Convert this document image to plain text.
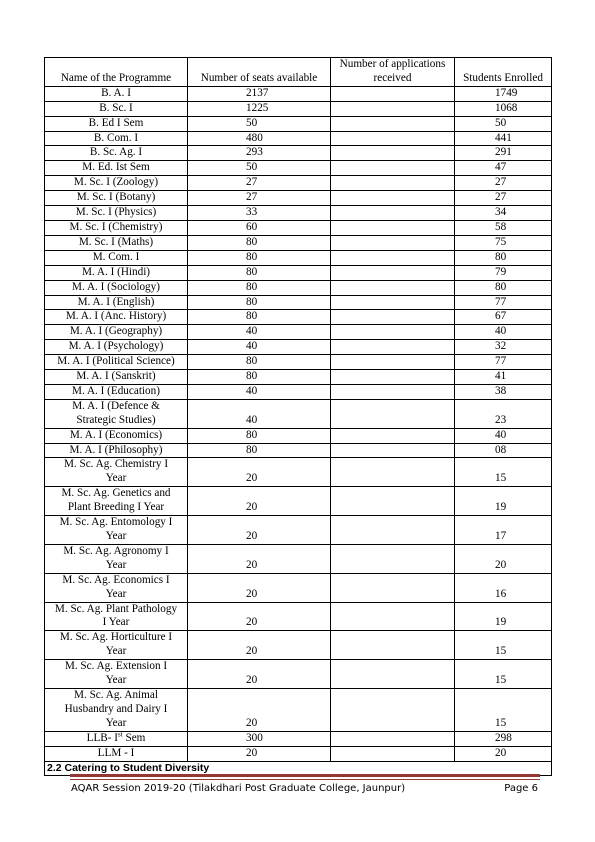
Name of the Programme	Number of seats available	Number of applications received	Students Enrolled
B. A. I	2137		1749
B. Sc. I	1225		1068
B. Ed I Sem	50		50
B. Com. I	480		441
B. Sc. Ag. I	293		291
M. Ed. Ist Sem	50		47
M. Sc. I (Zoology)	27		27
M. Sc. I (Botany)	27		27
M. Sc. I (Physics)	33		34
M. Sc. I (Chemistry)	60		58
M. Sc. I (Maths)	80		75
M. Com. I	80		80
M. A. I (Hindi)	80		79
M. A. I (Sociology)	80		80
M. A. I (English)	80		77
M. A. I (Anc. History)	80		67
M. A. I (Geography)	40		40
M. A. I (Psychology)	40		32
M. A. I (Political Science)	80		77
M. A. I (Sanskrit)	80		41
M. A. I (Education)	40		38

M. A. I (Defence &
Strategic Studies)	40		23
M. A. I (Economics)	80		40
M. A. I (Philosophy)	80		08

M. Sc. Ag. Chemistry I
Year	20		15

M. Sc. Ag. Genetics and
Plant Breeding I Year	20		19

M. Sc. Ag. Entomology I
Year	20		17

M. Sc. Ag. Agronomy I
Year	20		20

M. Sc. Ag. Economics I
Year	20		16

M. Sc. Ag. Plant Pathology
I Year	20		19

M. Sc. Ag. Horticulture I
Year	20		15

M. Sc. Ag. Extension I
Year	20		15

M. Sc. Ag. Animal
Husbandry and Dairy I
Year	20		15
LLB- Ist Sem	300		298
LLM - I	20		20
2.2 Catering to Student Diversity			
AQAR Session 2019-20 (Tilakdhari Post Graduate College, Jaunpur)	Page 6
